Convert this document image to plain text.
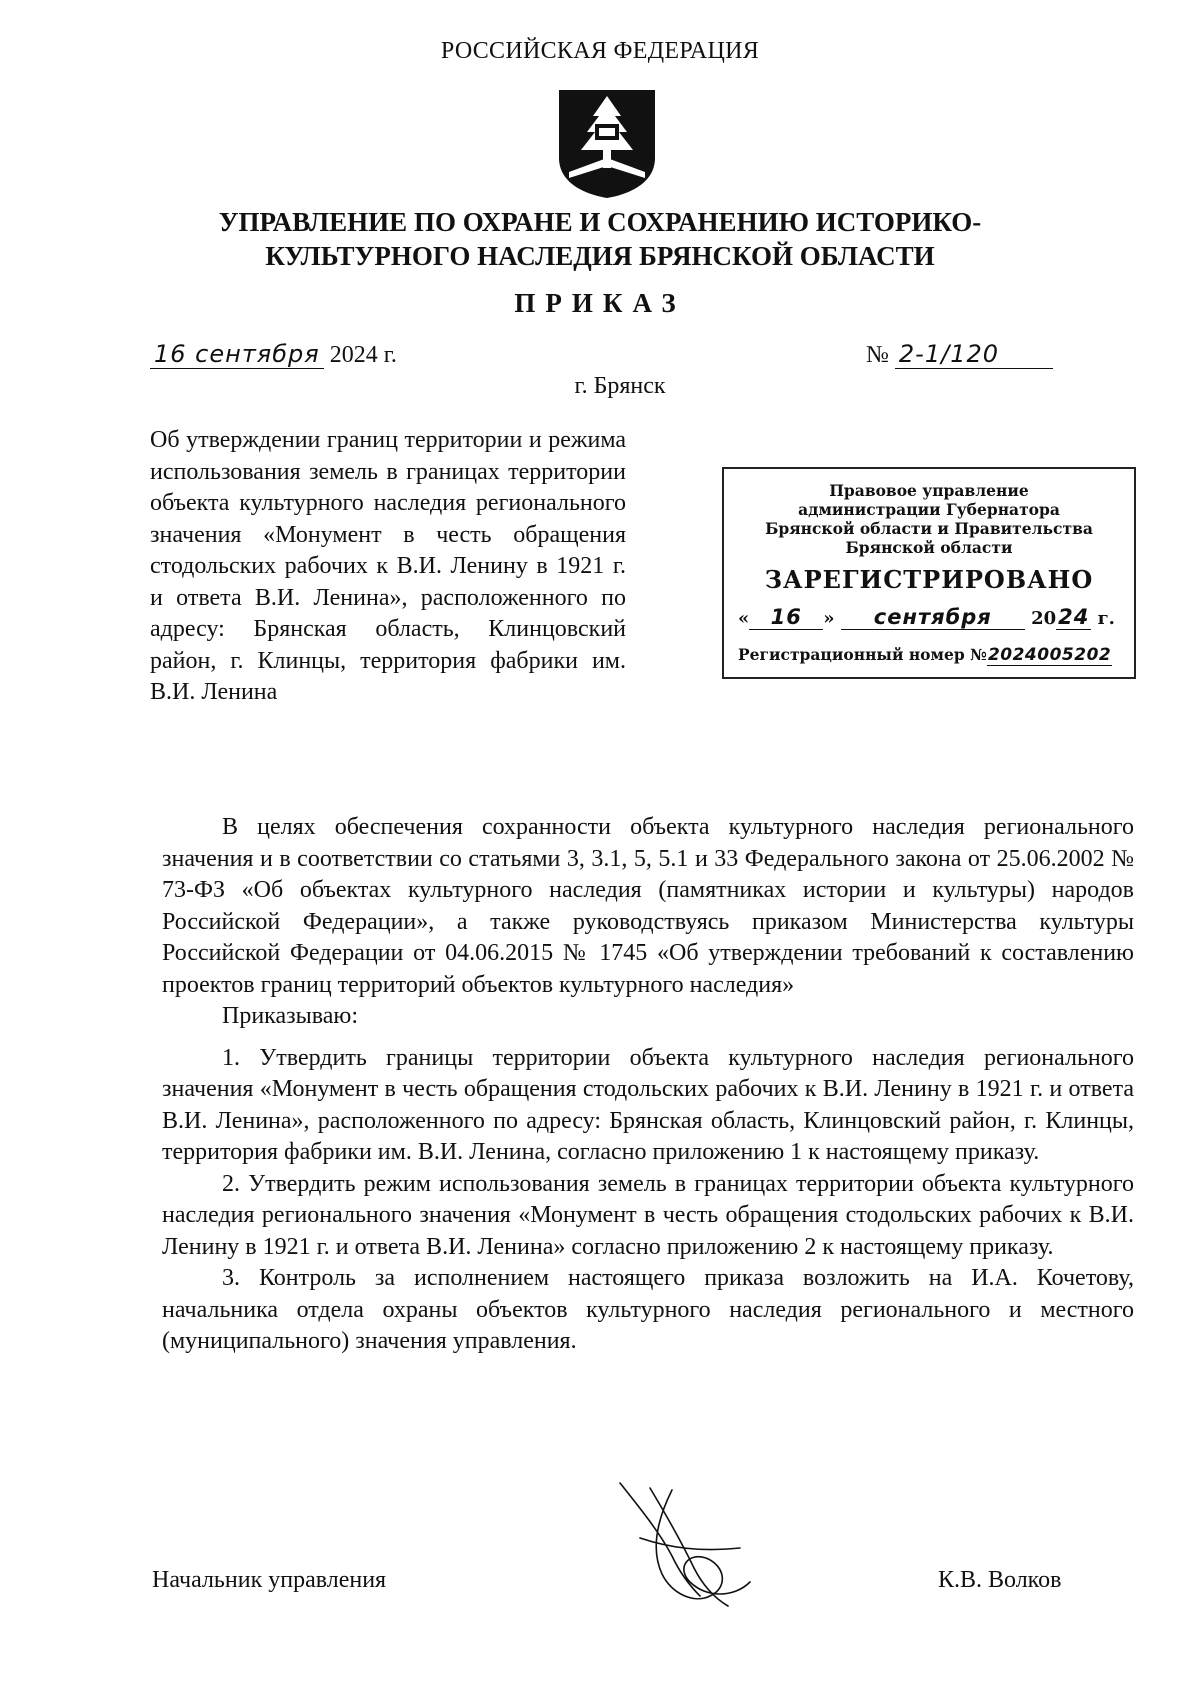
РОССИЙСКАЯ ФЕДЕРАЦИЯ
УПРАВЛЕНИЕ ПО ОХРАНЕ И СОХРАНЕНИЮ ИСТОРИКО-
КУЛЬТУРНОГО НАСЛЕДИЯ БРЯНСКОЙ ОБЛАСТИ
ПРИКАЗ
16 сентября 2024 г.	№ 2-1/120
г. Брянск
Об утверждении границ территории и режима использования земель в границах территории объекта культурного наследия регионального значения «Монумент в честь обращения стодольских рабочих к В.И. Ленину в 1921 г. и ответа В.И. Ленина», расположенного по адресу: Брянская область, Клинцовский район, г. Клинцы, территория фабрики им. В.И. Ленина
Правовое управление
администрации Губернатора
Брянской области и Правительства
Брянской области
ЗАРЕГИСТРИРОВАНО
« 16 » сентября 2024 г.
Регистрационный номер №2024005202

В целях обеспечения сохранности объекта культурного наследия регионального значения и в соответствии со статьями 3, 3.1, 5, 5.1 и 33 Федерального закона от 25.06.2002 № 73-ФЗ «Об объектах культурного наследия (памятниках истории и культуры) народов Российской Федерации», а также руководствуясь приказом Министерства культуры Российской Федерации от 04.06.2015 № 1745 «Об утверждении требований к составлению проектов границ территорий объектов культурного наследия»

Приказываю:

1. Утвердить границы территории объекта культурного наследия регионального значения «Монумент в честь обращения стодольских рабочих к В.И. Ленину в 1921 г. и ответа В.И. Ленина», расположенного по адресу: Брянская область, Клинцовский район, г. Клинцы, территория фабрики им. В.И. Ленина, согласно приложению 1 к настоящему приказу.

2. Утвердить режим использования земель в границах территории объекта культурного наследия регионального значения «Монумент в честь обращения стодольских рабочих к В.И. Ленину в 1921 г. и ответа В.И. Ленина» согласно приложению 2 к настоящему приказу.

3. Контроль за исполнением настоящего приказа возложить на И.А. Кочетову, начальника отдела охраны объектов культурного наследия регионального и местного (муниципального) значения управления.

Начальник управления	К.В. Волков
